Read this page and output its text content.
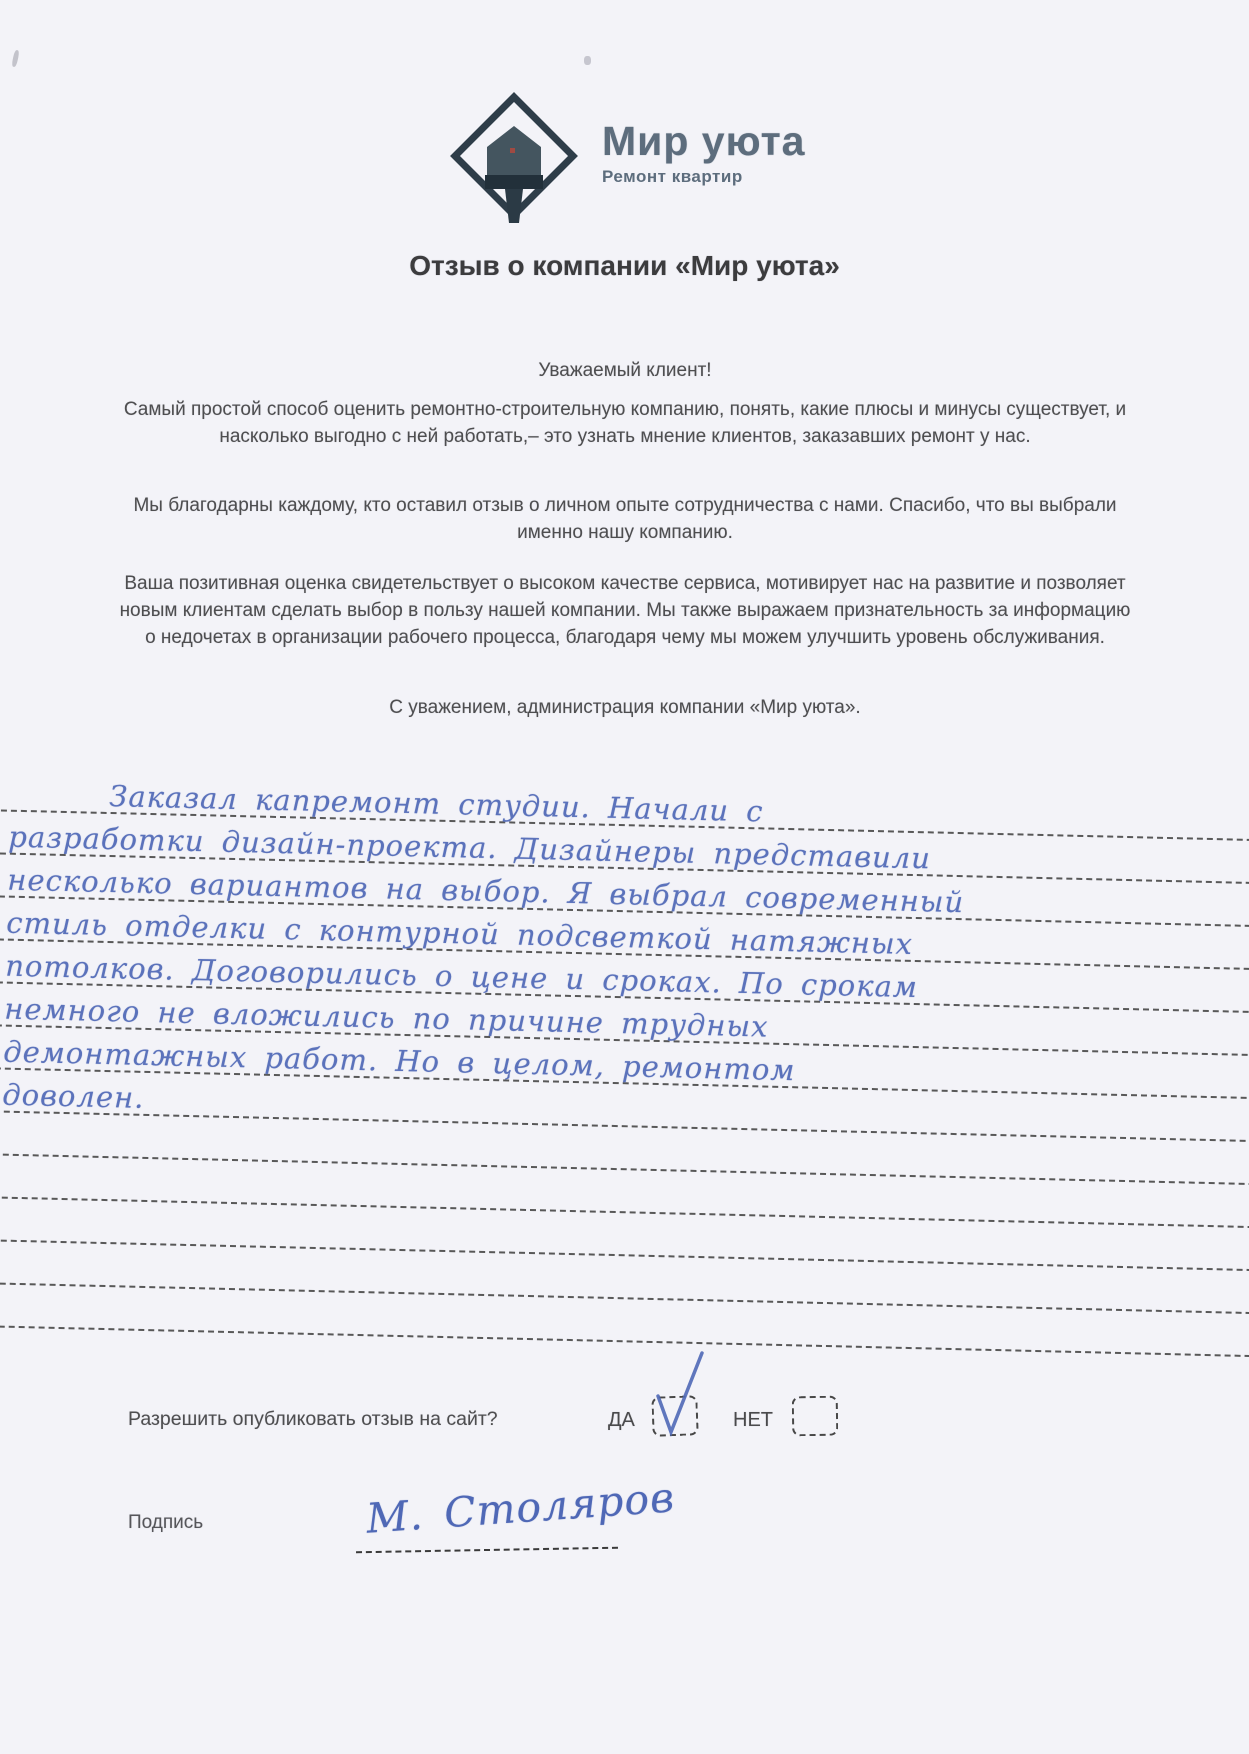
Мир уюта
Ремонт квартир
Отзыв о компании «Мир уюта»

Уважаемый клиент!

Самый простой способ оценить ремонтно-строительную компанию, понять, какие плюсы и минусы существует, и насколько выгодно с ней работать,– это узнать мнение клиентов, заказавших ремонт у нас.

Мы благодарны каждому, кто оставил отзыв о личном опыте сотрудничества с нами. Спасибо, что вы выбрали именно нашу компанию.

Ваша позитивная оценка свидетельствует о высоком качестве сервиса, мотивирует нас на развитие и позволяет новым клиентам сделать выбор в пользу нашей компании. Мы также выражаем признательность за информацию о недочетах в организации рабочего процесса, благодаря чему мы можем улучшить уровень обслуживания.

С уважением, администрация компании «Мир уюта».

Заказал капремонт студии. Начали с
разработки дизайн-проекта. Дизайнеры представили
несколько вариантов на выбор. Я выбрал современный
стиль отделки с контурной подсветкой натяжных
потолков. Договорились о цене и сроках. По срокам
немного не вложились по причине трудных
демонтажных работ. Но в целом, ремонтом
доволен.

Разрешить опубликовать отзыв на сайт?	ДА	НЕТ
Подпись	М. Столяров
